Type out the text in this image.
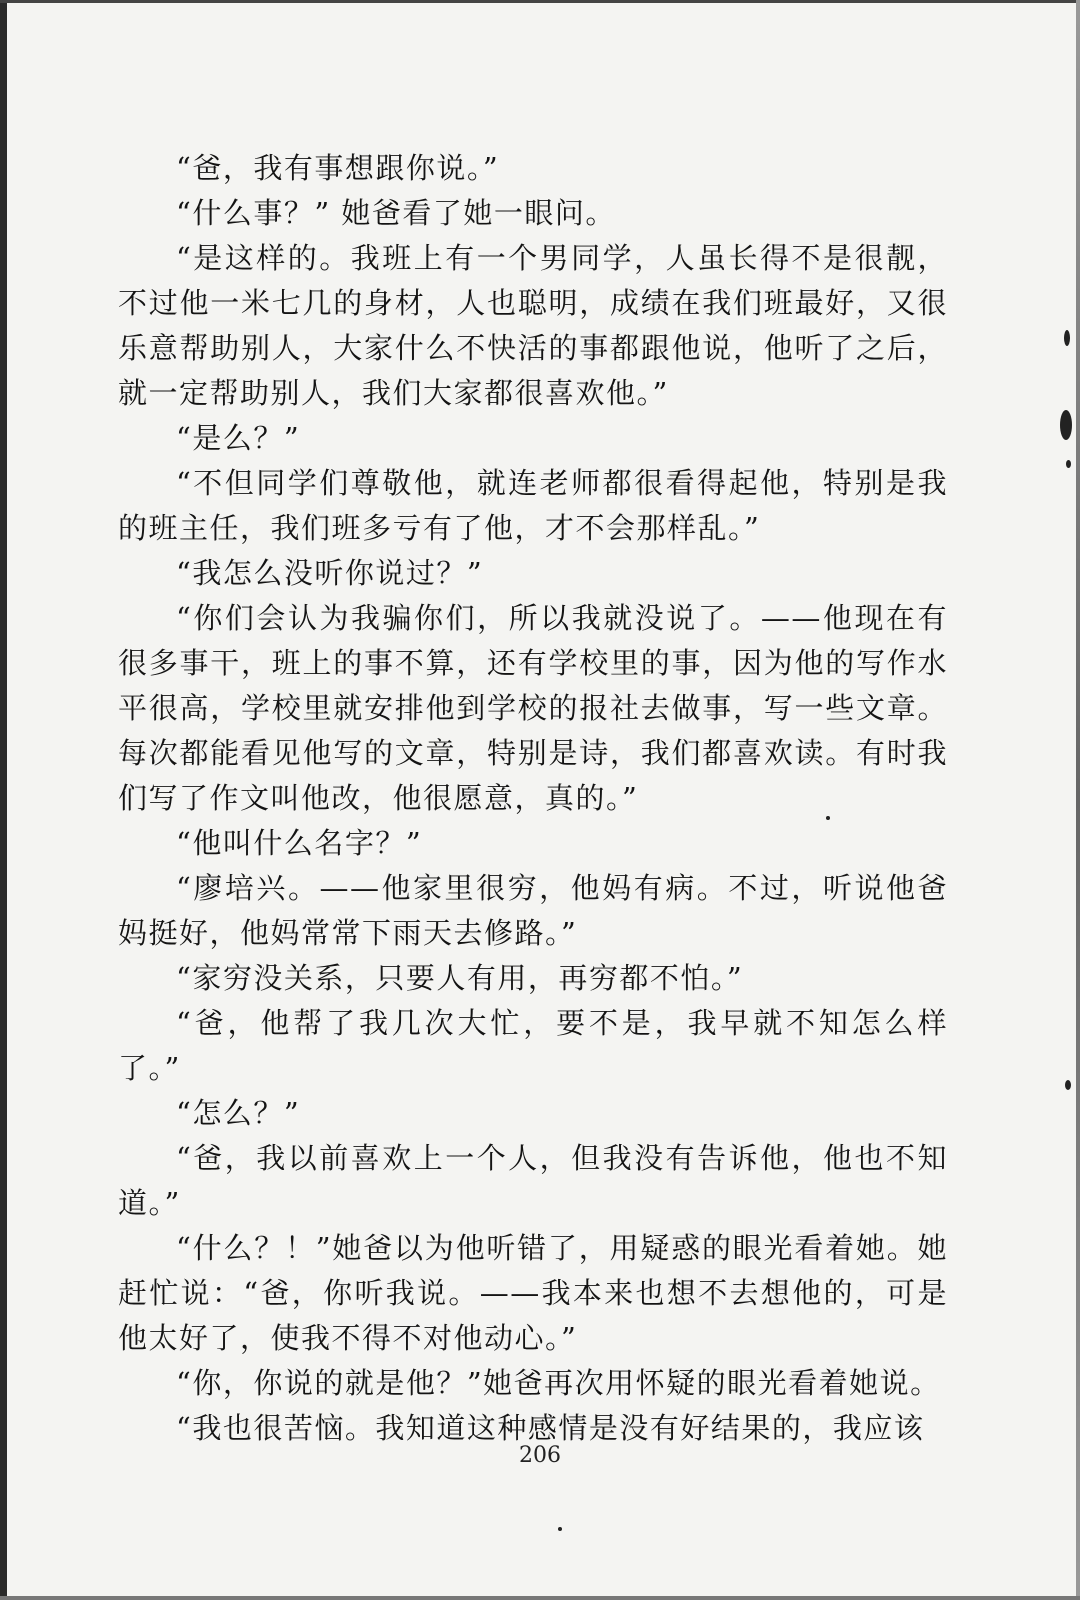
“爸，我有事想跟你说。”

“什么事？” 她爸看了她一眼问。

“是这样的。我班上有一个男同学，人虽长得不是很靓，不过他一米七几的身材，人也聪明，成绩在我们班最好，又很乐意帮助别人，大家什么不快活的事都跟他说，他听了之后，就一定帮助别人，我们大家都很喜欢他。”

“是么？”

“不但同学们尊敬他，就连老师都很看得起他，特别是我的班主任，我们班多亏有了他，才不会那样乱。”

“我怎么没听你说过？”

“你们会认为我骗你们，所以我就没说了。——他现在有很多事干，班上的事不算，还有学校里的事，因为他的写作水平很高，学校里就安排他到学校的报社去做事，写一些文章。每次都能看见他写的文章，特别是诗，我们都喜欢读。有时我们写了作文叫他改，他很愿意，真的。”

“他叫什么名字？”

“廖培兴。——他家里很穷，他妈有病。不过，听说他爸妈挺好，他妈常常下雨天去修路。”

“家穷没关系，只要人有用，再穷都不怕。”

“爸，他帮了我几次大忙，要不是，我早就不知怎么样了。”

“怎么？”

“爸，我以前喜欢上一个人，但我没有告诉他，他也不知道。”

“什么？！”她爸以为他听错了，用疑惑的眼光看着她。她赶忙说：“爸，你听我说。——我本来也想不去想他的，可是他太好了，使我不得不对他动心。”

“你，你说的就是他？”她爸再次用怀疑的眼光看着她说。

“我也很苦恼。我知道这种感情是没有好结果的，我应该

206
